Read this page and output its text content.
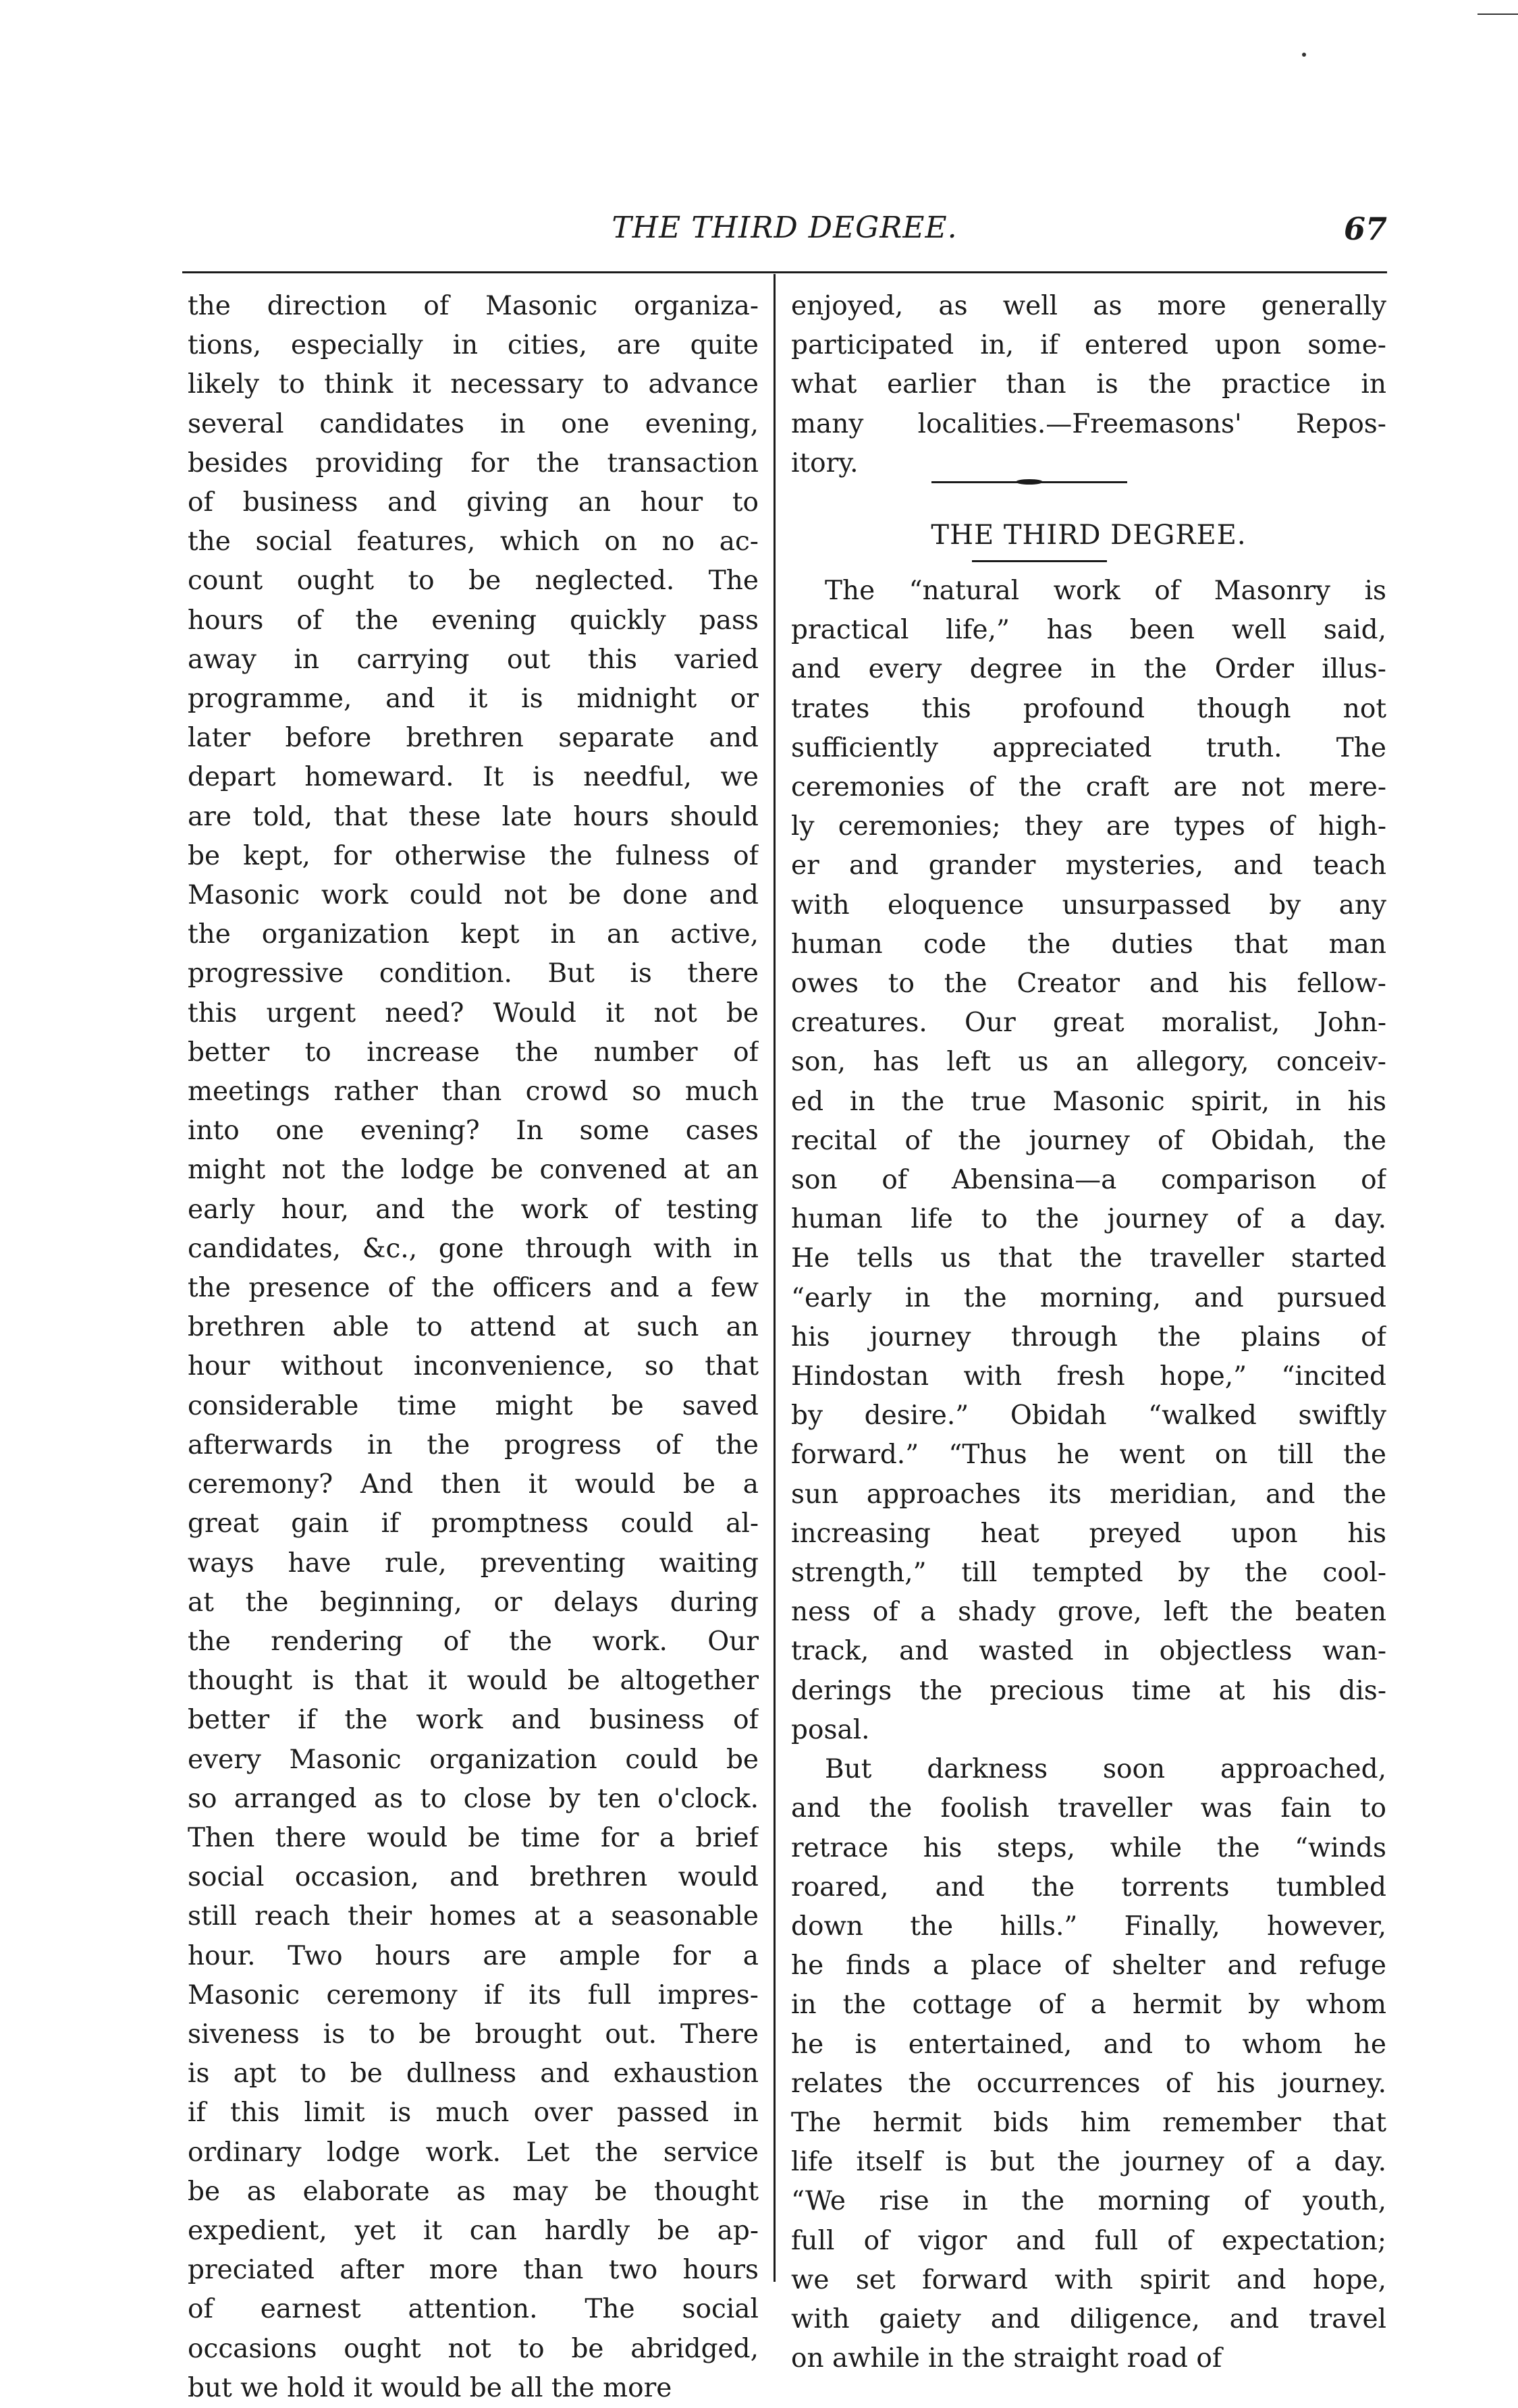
THE THIRD DEGREE.	67
the direction of Masonic organiza-
tions, especially in cities, are quite
likely to think it necessary to advance
several candidates in one evening,
besides providing for the transaction
of business and giving an hour to
the social features, which on no ac-
count ought to be neglected. The
hours of the evening quickly pass
away in carrying out this varied
programme, and it is midnight or
later before brethren separate and
depart homeward. It is needful, we
are told, that these late hours should
be kept, for otherwise the fulness of
Masonic work could not be done and
the organization kept in an active,
progressive condition. But is there
this urgent need? Would it not be
better to increase the number of
meetings rather than crowd so much
into one evening? In some cases
might not the lodge be convened at an
early hour, and the work of testing
candidates, &c., gone through with in
the presence of the officers and a few
brethren able to attend at such an
hour without inconvenience, so that
considerable time might be saved
afterwards in the progress of the
ceremony? And then it would be a
great gain if promptness could al-
ways have rule, preventing waiting
at the beginning, or delays during
the rendering of the work. Our
thought is that it would be altogether
better if the work and business of
every Masonic organization could be
so arranged as to close by ten o'clock.
Then there would be time for a brief
social occasion, and brethren would
still reach their homes at a seasonable
hour. Two hours are ample for a
Masonic ceremony if its full impres-
siveness is to be brought out. There
is apt to be dullness and exhaustion
if this limit is much over passed in
ordinary lodge work. Let the service
be as elaborate as may be thought
expedient, yet it can hardly be ap-
preciated after more than two hours
of earnest attention. The social
occasions ought not to be abridged,
but we hold it would be all the more
enjoyed, as well as more generally
participated in, if entered upon some-
what earlier than is the practice in
many localities.—Freemasons' Repos-
itory.
THE THIRD DEGREE.
The “natural work of Masonry is
practical life,” has been well said,
and every degree in the Order illus-
trates this profound though not
sufficiently appreciated truth. The
ceremonies of the craft are not mere-
ly ceremonies; they are types of high-
er and grander mysteries, and teach
with eloquence unsurpassed by any
human code the duties that man
owes to the Creator and his fellow-
creatures. Our great moralist, John-
son, has left us an allegory, conceiv-
ed in the true Masonic spirit, in his
recital of the journey of Obidah, the
son of Abensina—a comparison of
human life to the journey of a day.
He tells us that the traveller started
“early in the morning, and pursued
his journey through the plains of
Hindostan with fresh hope,” “incited
by desire.” Obidah “walked swiftly
forward.” “Thus he went on till the
sun approaches its meridian, and the
increasing heat preyed upon his
strength,” till tempted by the cool-
ness of a shady grove, left the beaten
track, and wasted in objectless wan-
derings the precious time at his dis-
posal.
But darkness soon approached,
and the foolish traveller was fain to
retrace his steps, while the “winds
roared, and the torrents tumbled
down the hills.” Finally, however,
he finds a place of shelter and refuge
in the cottage of a hermit by whom
he is entertained, and to whom he
relates the occurrences of his journey.
The hermit bids him remember that
life itself is but the journey of a day.
“We rise in the morning of youth,
full of vigor and full of expectation;
we set forward with spirit and hope,
with gaiety and diligence, and travel
on awhile in the straight road of
